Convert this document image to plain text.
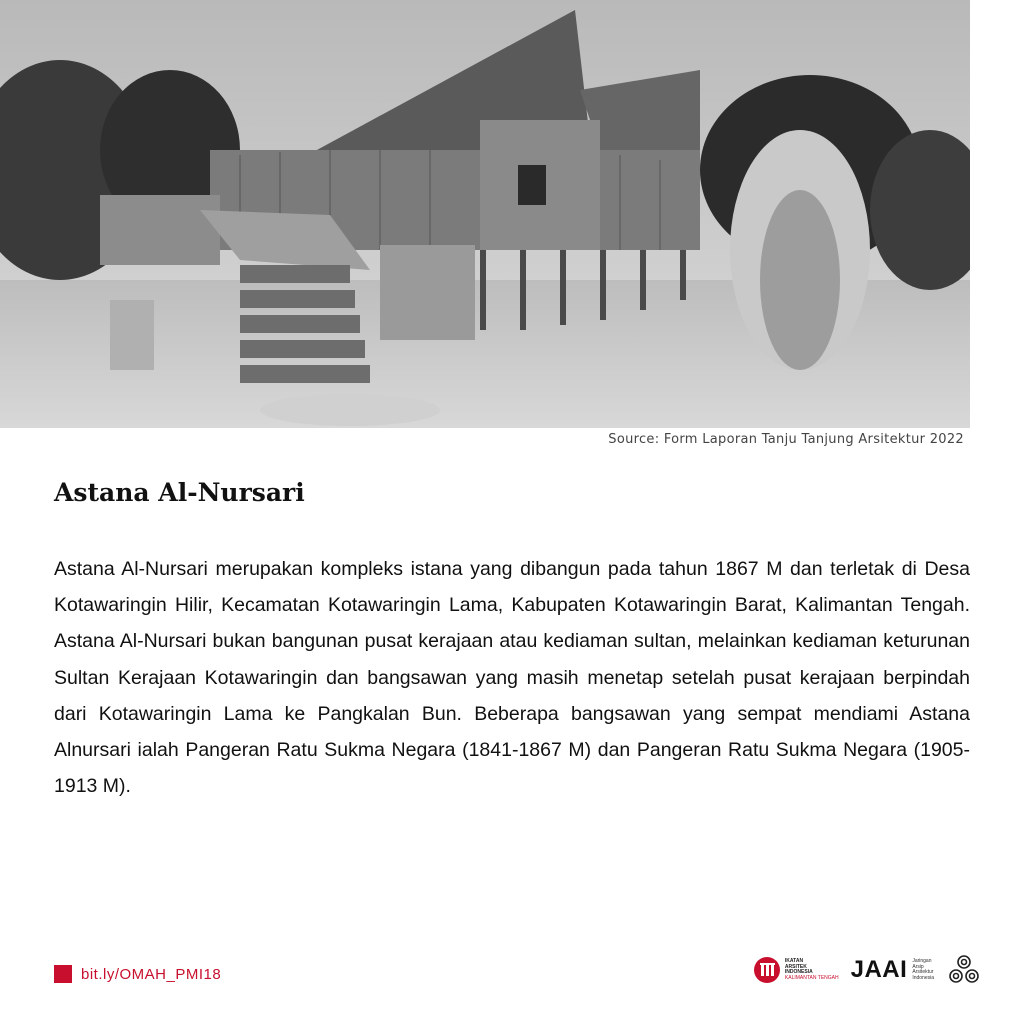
Source: Form Laporan Tanju Tanjung Arsitektur 2022
Astana Al-Nursari

Astana Al-Nursari merupakan kompleks istana yang dibangun pada tahun 1867 M dan terletak di Desa Kotawaringin Hilir, Kecamatan Kotawaringin Lama, Kabupaten Kotawaringin Barat, Kalimantan Tengah. Astana Al-Nursari bukan bangunan pusat kerajaan atau kediaman sultan, melainkan kediaman keturunan Sultan Kerajaan Kotawaringin dan bangsawan yang masih menetap setelah pusat kerajaan berpindah dari Kotawaringin Lama ke Pangkalan Bun. Beberapa bangsawan yang sempat mendiami Astana Alnursari ialah Pangeran Ratu Sukma Negara (1841-1867 M) dan Pangeran Ratu Sukma Negara (1905-1913 M).

bit.ly/OMAH_PMI18
IKATAN
ARSITEK
INDONESIA
KALIMANTAN TENGAH JAAI Jaringan
Arsip
Arsitektur
Indonesia
